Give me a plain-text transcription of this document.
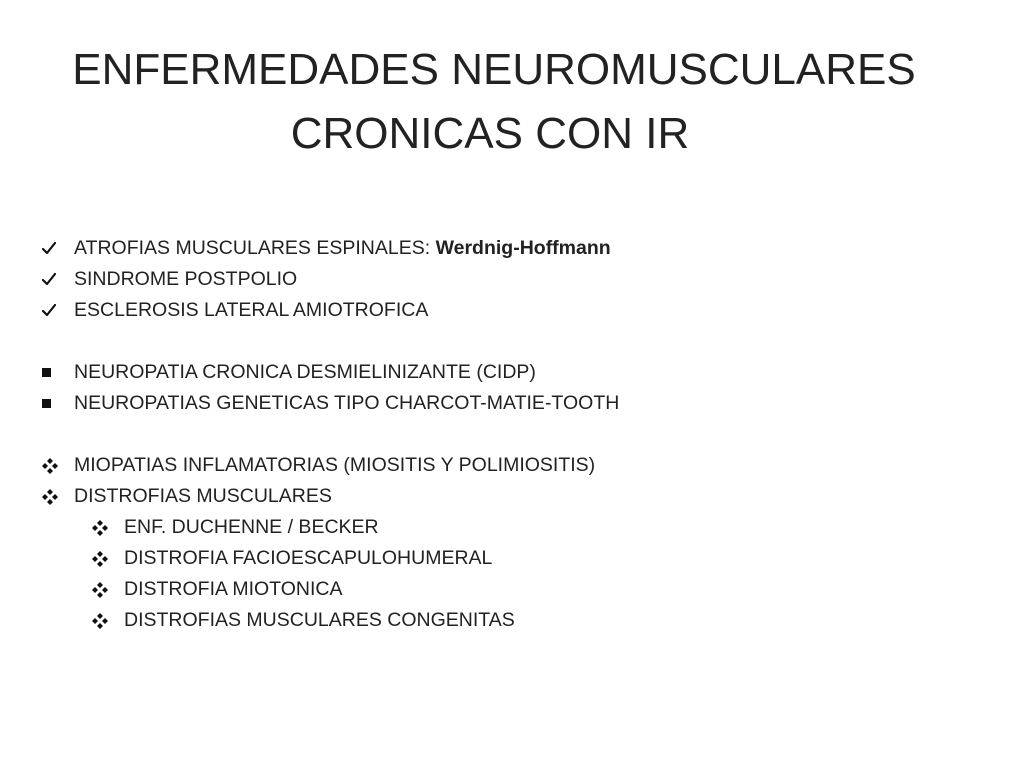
ENFERMEDADES NEUROMUSCULARES
CRONICAS CON IR
ATROFIAS MUSCULARES ESPINALES: Werdnig-Hoffmann
SINDROME POSTPOLIO
ESCLEROSIS LATERAL AMIOTROFICA
NEUROPATIA CRONICA DESMIELINIZANTE (CIDP)
NEUROPATIAS GENETICAS TIPO CHARCOT-MATIE-TOOTH
MIOPATIAS INFLAMATORIAS (MIOSITIS Y POLIMIOSITIS)
DISTROFIAS MUSCULARES
ENF. DUCHENNE / BECKER
DISTROFIA FACIOESCAPULOHUMERAL
DISTROFIA MIOTONICA
DISTROFIAS MUSCULARES CONGENITAS
